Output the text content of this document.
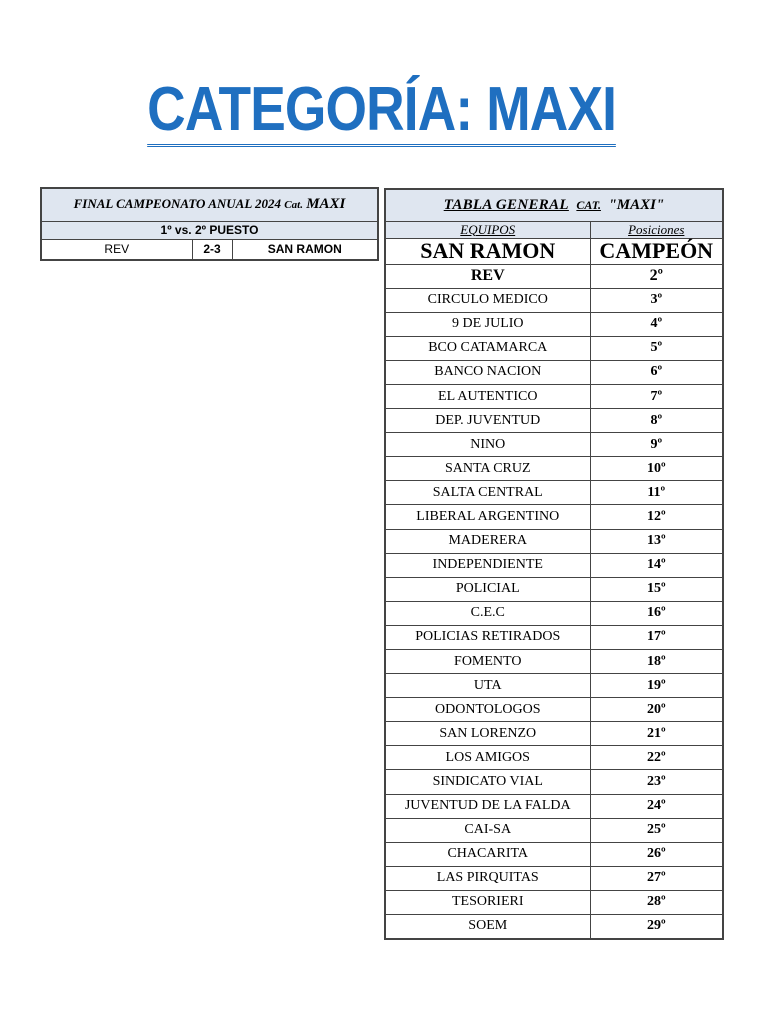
CATEGORÍA: MAXI
FINAL CAMPEONATO ANUAL 2024 Cat. MAXI
1º vs. 2º PUESTO
REV	2-3	SAN RAMON
TABLA GENERAL CAT. "MAXI"	
EQUIPOS	Posiciones
SAN RAMON	CAMPEÓN
REV	2º
CIRCULO MEDICO	3º
9 DE JULIO	4º
BCO CATAMARCA	5º
BANCO NACION	6º
EL AUTENTICO	7º
DEP. JUVENTUD	8º
NINO	9º
SANTA CRUZ	10º
SALTA CENTRAL	11º
LIBERAL ARGENTINO	12º
MADERERA	13º
INDEPENDIENTE	14º
POLICIAL	15º
C.E.C	16º
POLICIAS RETIRADOS	17º
FOMENTO	18º
UTA	19º
ODONTOLOGOS	20º
SAN LORENZO	21º
LOS AMIGOS	22º
SINDICATO VIAL	23º
JUVENTUD DE LA FALDA	24º
CAI-SA	25º
CHACARITA	26º
LAS PIRQUITAS	27º
TESORIERI	28º
SOEM	29º
